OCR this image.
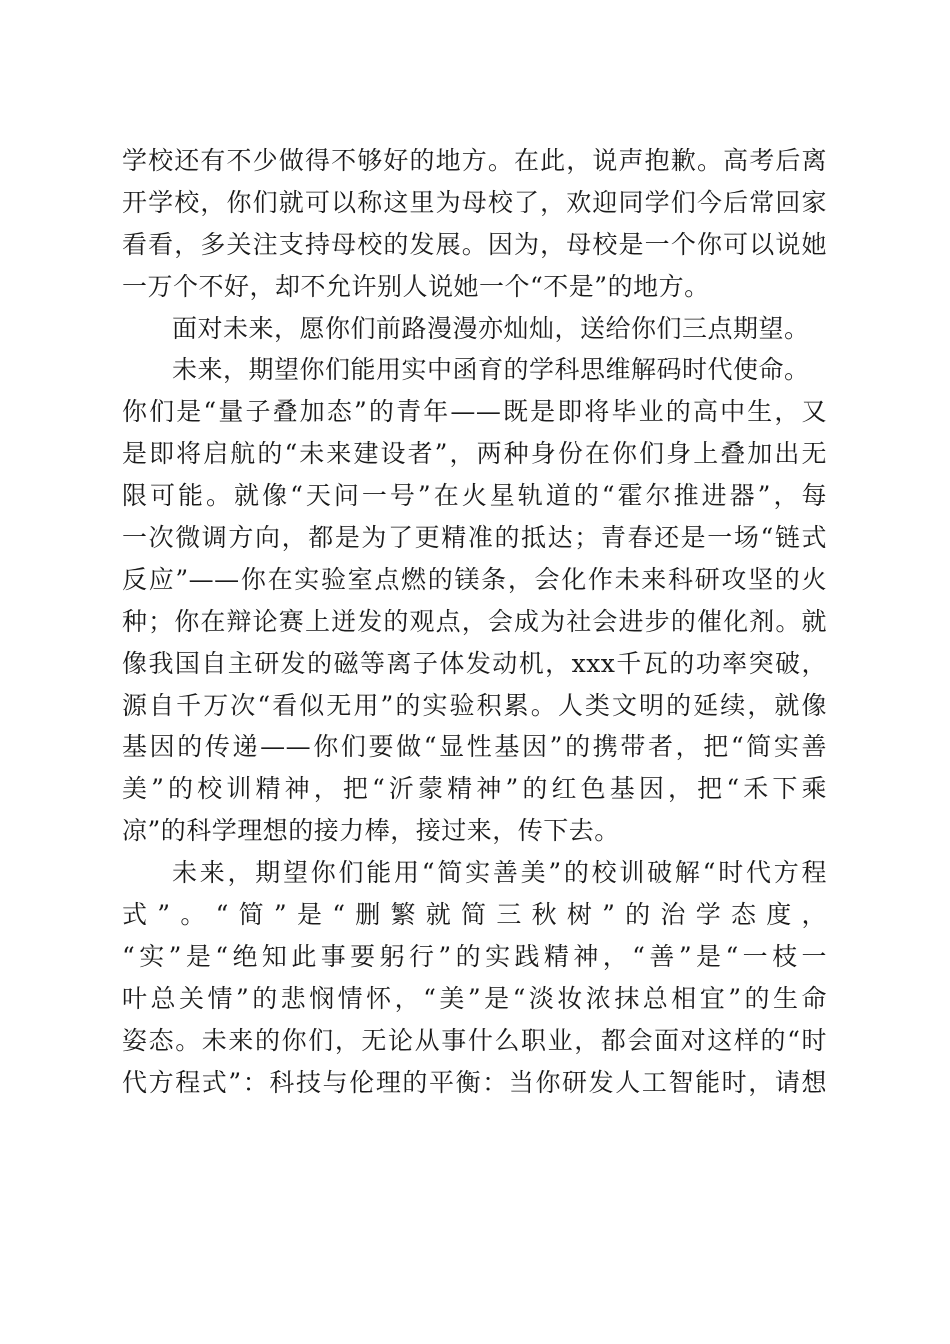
学校还有不少做得不够好的地方。在此，说声抱歉。高考后离
开学校，你们就可以称这里为母校了，欢迎同学们今后常回家
看看，多关注支持母校的发展。因为，母校是一个你可以说她
一万个不好，却不允许别人说她一个“不是”的地方。
面对未来，愿你们前路漫漫亦灿灿，送给你们三点期望。
未来，期望你们能用实中函育的学科思维解码时代使命。
你们是“量子叠加态”的青年——既是即将毕业的高中生，又
是即将启航的“未来建设者”，两种身份在你们身上叠加出无
限可能。就像“天问一号”在火星轨道的“霍尔推进器”，每
一次微调方向，都是为了更精准的抵达；青春还是一场“链式
反应”——你在实验室点燃的镁条，会化作未来科研攻坚的火
种；你在辩论赛上迸发的观点，会成为社会进步的催化剂。就
像我国自主研发的磁等离子体发动机，xxx千瓦的功率突破，
源自千万次“看似无用”的实验积累。人类文明的延续，就像
基因的传递——你们要做“显性基因”的携带者，把“简实善
美”的校训精神，把“沂蒙精神”的红色基因，把“禾下乘
凉”的科学理想的接力棒，接过来，传下去。
未来，期望你们能用“简实善美”的校训破解“时代方程
式”。“简”是“删繁就简三秋树”的治学态度，
“实”是“绝知此事要躬行”的实践精神，“善”是“一枝一
叶总关情”的悲悯情怀，“美”是“淡妆浓抹总相宜”的生命
姿态。未来的你们，无论从事什么职业，都会面对这样的“时
代方程式”：科技与伦理的平衡：当你研发人工智能时，请想
